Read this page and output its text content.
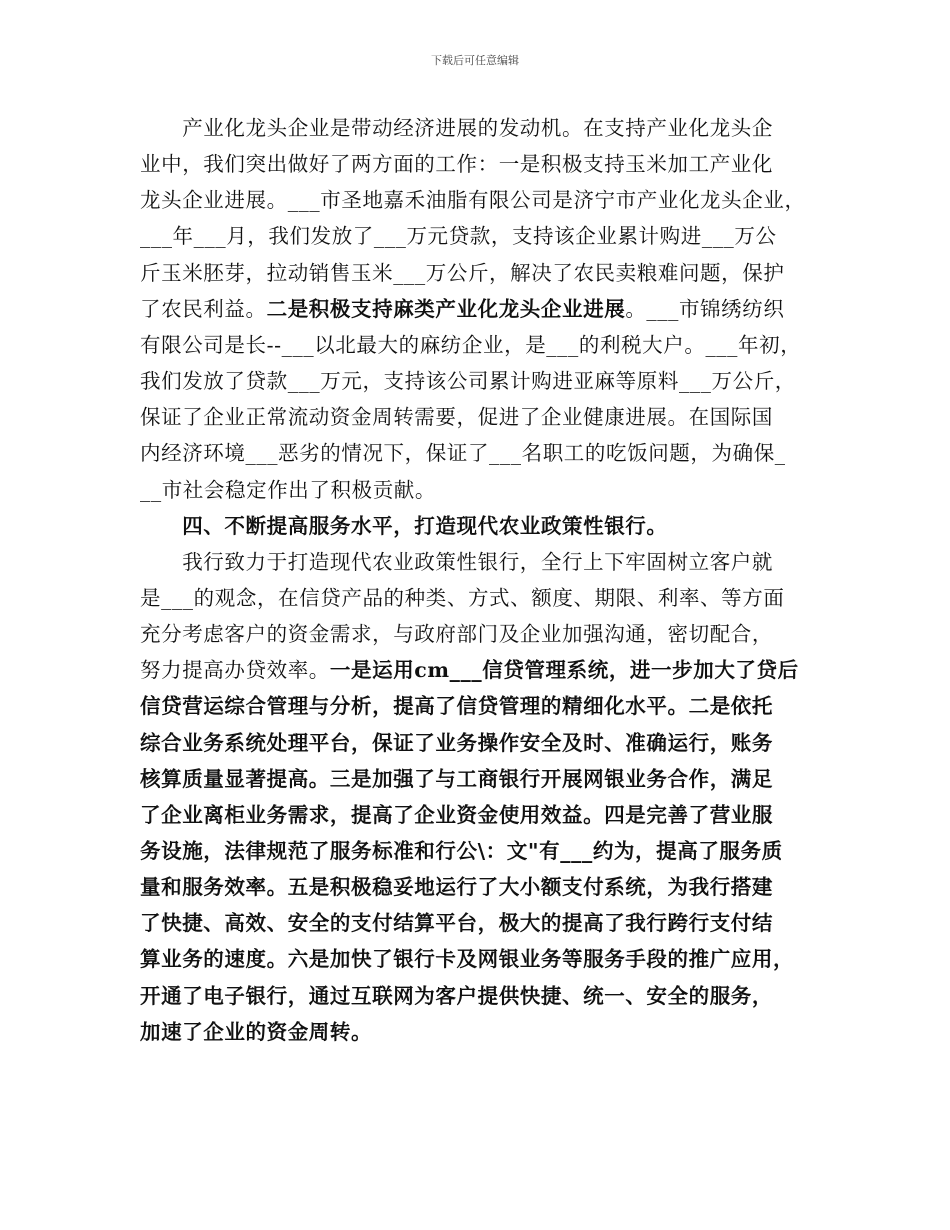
下载后可任意编辑
　　产业化龙头企业是带动经济进展的发动机。在支持产业化龙头企
业中，我们突出做好了两方面的工作：一是积极支持玉米加工产业化
龙头企业进展。___市圣地嘉禾油脂有限公司是济宁市产业化龙头企业，
___年___月，我们发放了___万元贷款，支持该企业累计购进___万公
斤玉米胚芽，拉动销售玉米___万公斤，解决了农民卖粮难问题，保护
了农民利益。二是积极支持麻类产业化龙头企业进展。___市锦绣纺织
有限公司是长--___以北最大的麻纺企业，是___的利税大户。___年初，
我们发放了贷款___万元，支持该公司累计购进亚麻等原料___万公斤，
保证了企业正常流动资金周转需要，促进了企业健康进展。在国际国
内经济环境___恶劣的情况下，保证了___名职工的吃饭问题，为确保_
__市社会稳定作出了积极贡献。
　　四、不断提高服务水平，打造现代农业政策性银行。
　　我行致力于打造现代农业政策性银行，全行上下牢固树立客户就
是___的观念，在信贷产品的种类、方式、额度、期限、利率、等方面
充分考虑客户的资金需求，与政府部门及企业加强沟通，密切配合，
努力提高办贷效率。一是运用cm___信贷管理系统，进一步加大了贷后
信贷营运综合管理与分析，提高了信贷管理的精细化水平。二是依托
综合业务系统处理平台，保证了业务操作安全及时、准确运行，账务
核算质量显著提高。三是加强了与工商银行开展网银业务合作，满足
了企业离柜业务需求，提高了企业资金使用效益。四是完善了营业服
务设施，法律规范了服务标准和行公\：文"有___约为，提高了服务质
量和服务效率。五是积极稳妥地运行了大小额支付系统，为我行搭建
了快捷、高效、安全的支付结算平台，极大的提高了我行跨行支付结
算业务的速度。六是加快了银行卡及网银业务等服务手段的推广应用，
开通了电子银行，通过互联网为客户提供快捷、统一、安全的服务，
加速了企业的资金周转。
